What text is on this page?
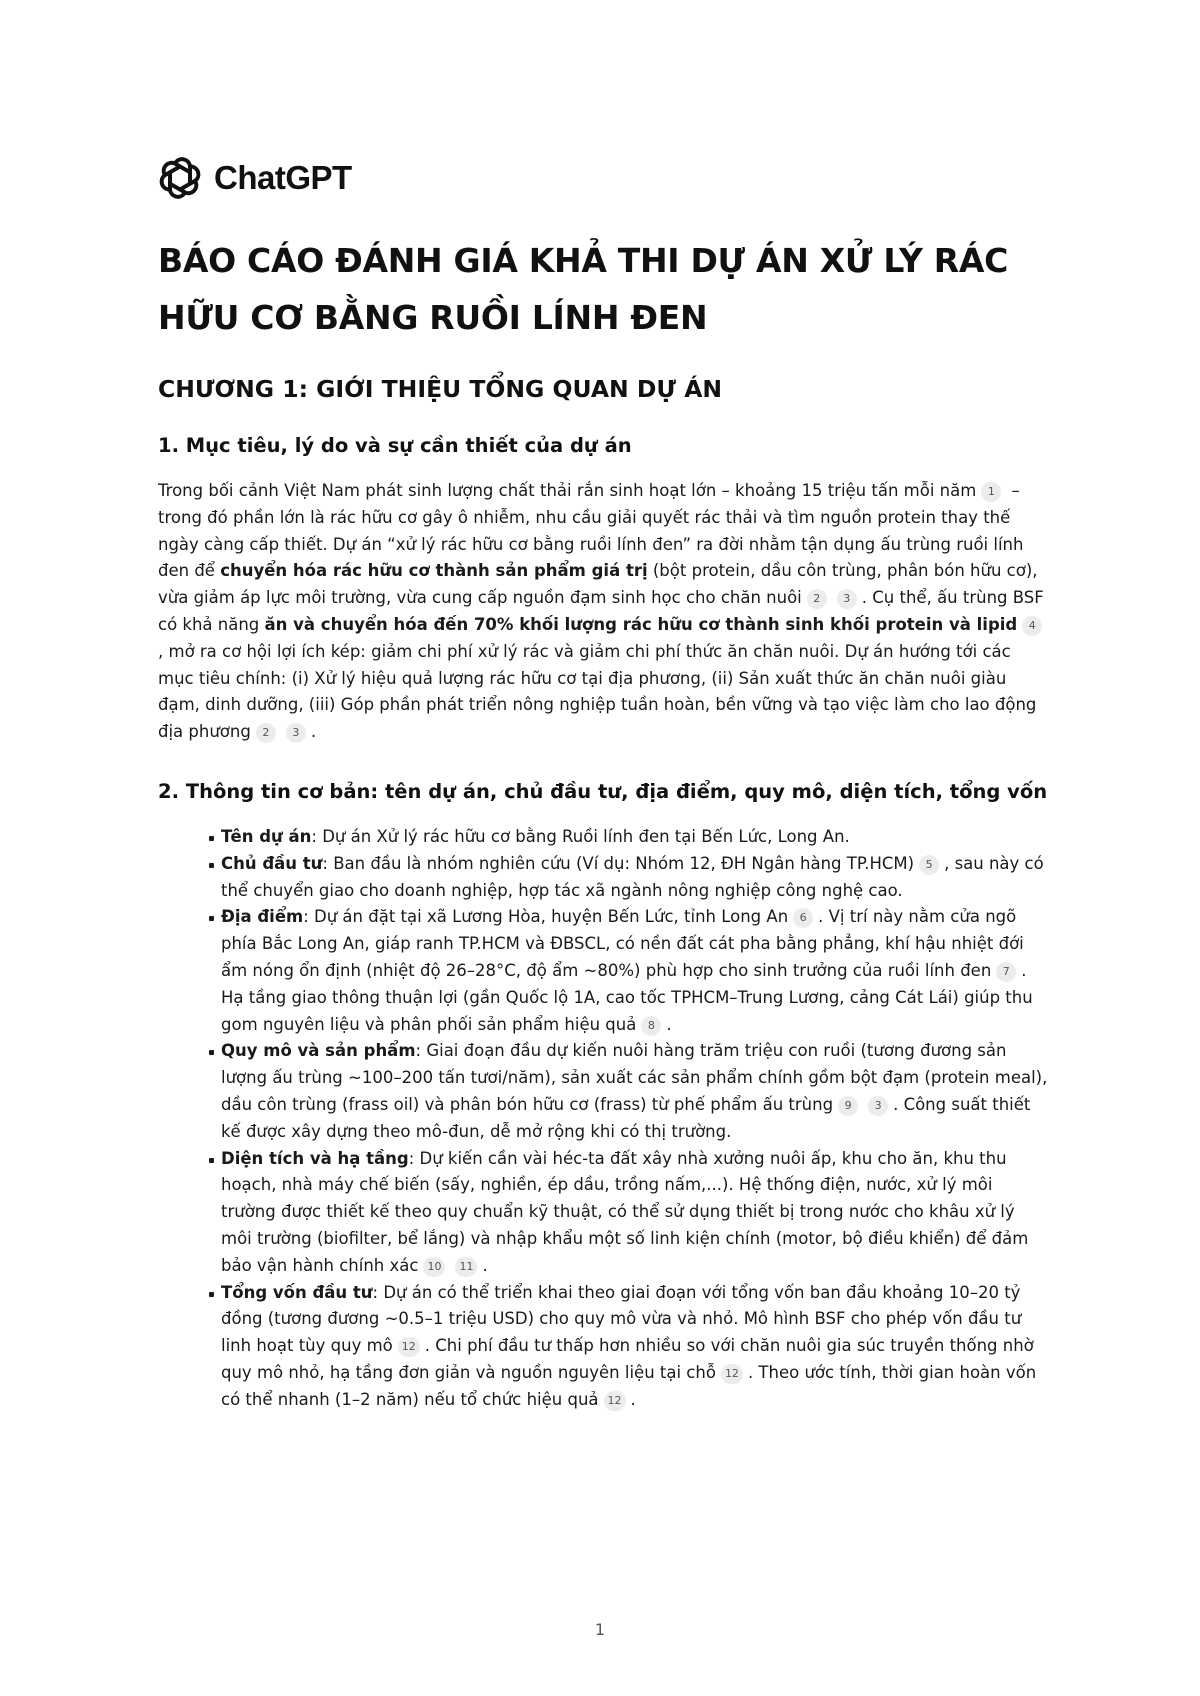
ChatGPT
BÁO CÁO ĐÁNH GIÁ KHẢ THI DỰ ÁN XỬ LÝ RÁC HỮU CƠ BẰNG RUỒI LÍNH ĐEN
CHƯƠNG 1: GIỚI THIỆU TỔNG QUAN DỰ ÁN
1. Mục tiêu, lý do và sự cần thiết của dự án

Trong bối cảnh Việt Nam phát sinh lượng chất thải rắn sinh hoạt lớn – khoảng 15 triệu tấn mỗi năm 1 – trong đó phần lớn là rác hữu cơ gây ô nhiễm, nhu cầu giải quyết rác thải và tìm nguồn protein thay thế ngày càng cấp thiết. Dự án “xử lý rác hữu cơ bằng ruồi lính đen” ra đời nhằm tận dụng ấu trùng ruồi lính đen để chuyển hóa rác hữu cơ thành sản phẩm giá trị (bột protein, dầu côn trùng, phân bón hữu cơ), vừa giảm áp lực môi trường, vừa cung cấp nguồn đạm sinh học cho chăn nuôi 2 3 . Cụ thể, ấu trùng BSF có khả năng ăn và chuyển hóa đến 70% khối lượng rác hữu cơ thành sinh khối protein và lipid 4, mở ra cơ hội lợi ích kép: giảm chi phí xử lý rác và giảm chi phí thức ăn chăn nuôi. Dự án hướng tới các mục tiêu chính: (i) Xử lý hiệu quả lượng rác hữu cơ tại địa phương, (ii) Sản xuất thức ăn chăn nuôi giàu đạm, dinh dưỡng, (iii) Góp phần phát triển nông nghiệp tuần hoàn, bền vững và tạo việc làm cho lao động địa phương 2 3 .

2. Thông tin cơ bản: tên dự án, chủ đầu tư, địa điểm, quy mô, diện tích, tổng vốn
Tên dự án: Dự án Xử lý rác hữu cơ bằng Ruồi lính đen tại Bến Lức, Long An.
Chủ đầu tư: Ban đầu là nhóm nghiên cứu (Ví dụ: Nhóm 12, ĐH Ngân hàng TP.HCM) 5 , sau này có thể chuyển giao cho doanh nghiệp, hợp tác xã ngành nông nghiệp công nghệ cao.
Địa điểm: Dự án đặt tại xã Lương Hòa, huyện Bến Lức, tỉnh Long An 6 . Vị trí này nằm cửa ngõ phía Bắc Long An, giáp ranh TP.HCM và ĐBSCL, có nền đất cát pha bằng phẳng, khí hậu nhiệt đới ẩm nóng ổn định (nhiệt độ 26–28°C, độ ẩm ~80%) phù hợp cho sinh trưởng của ruồi lính đen 7 . Hạ tầng giao thông thuận lợi (gần Quốc lộ 1A, cao tốc TPHCM–Trung Lương, cảng Cát Lái) giúp thu gom nguyên liệu và phân phối sản phẩm hiệu quả 8 .
Quy mô và sản phẩm: Giai đoạn đầu dự kiến nuôi hàng trăm triệu con ruồi (tương đương sản lượng ấu trùng ~100–200 tấn tươi/năm), sản xuất các sản phẩm chính gồm bột đạm (protein meal), dầu côn trùng (frass oil) và phân bón hữu cơ (frass) từ phế phẩm ấu trùng 9 3 . Công suất thiết kế được xây dựng theo mô-đun, dễ mở rộng khi có thị trường.
Diện tích và hạ tầng: Dự kiến cần vài héc-ta đất xây nhà xưởng nuôi ấp, khu cho ăn, khu thu hoạch, nhà máy chế biến (sấy, nghiền, ép dầu, trồng nấm,...). Hệ thống điện, nước, xử lý môi trường được thiết kế theo quy chuẩn kỹ thuật, có thể sử dụng thiết bị trong nước cho khâu xử lý môi trường (biofilter, bể lắng) và nhập khẩu một số linh kiện chính (motor, bộ điều khiển) để đảm bảo vận hành chính xác 10 11 .
Tổng vốn đầu tư: Dự án có thể triển khai theo giai đoạn với tổng vốn ban đầu khoảng 10–20 tỷ đồng (tương đương ~0.5–1 triệu USD) cho quy mô vừa và nhỏ. Mô hình BSF cho phép vốn đầu tư linh hoạt tùy quy mô 12 . Chi phí đầu tư thấp hơn nhiều so với chăn nuôi gia súc truyền thống nhờ quy mô nhỏ, hạ tầng đơn giản và nguồn nguyên liệu tại chỗ 12 . Theo ước tính, thời gian hoàn vốn có thể nhanh (1–2 năm) nếu tổ chức hiệu quả 12 .
1
